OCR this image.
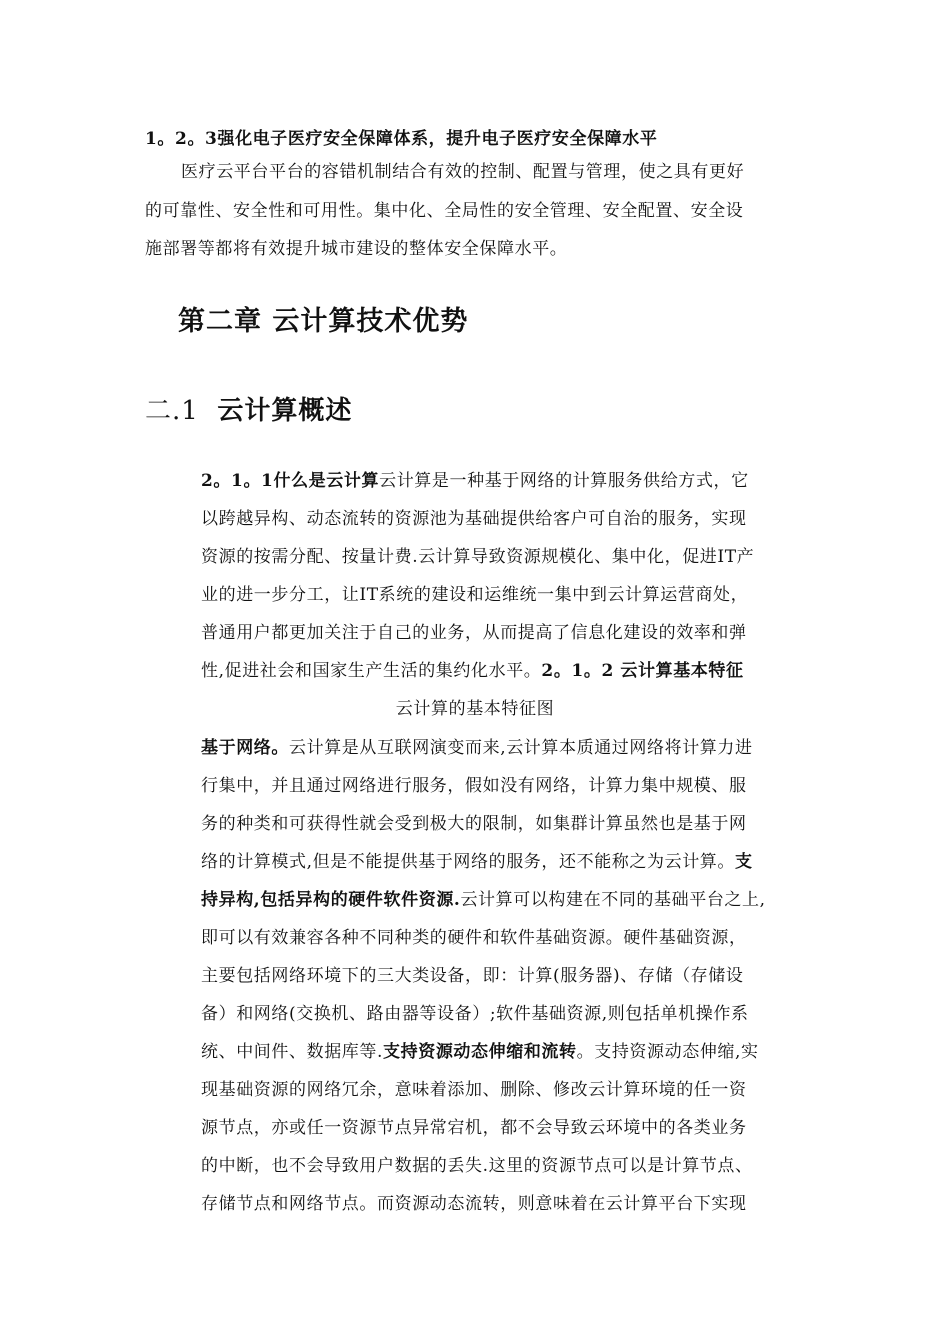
1。2。3强化电子医疗安全保障体系，提升电子医疗安全保障水平
医疗云平台平台的容错机制结合有效的控制、配置与管理，使之具有更好
的可靠性、安全性和可用性。集中化、全局性的安全管理、安全配置、安全设
施部署等都将有效提升城市建设的整体安全保障水平。
第二章 云计算技术优势
二.1 云计算概述
2。1。1什么是云计算云计算是一种基于网络的计算服务供给方式，它
以跨越异构、动态流转的资源池为基础提供给客户可自治的服务，实现
资源的按需分配、按量计费.云计算导致资源规模化、集中化，促进IT产
业的进一步分工，让IT系统的建设和运维统一集中到云计算运营商处，
普通用户都更加关注于自己的业务，从而提高了信息化建设的效率和弹
性,促进社会和国家生产生活的集约化水平。2。1。2 云计算基本特征
云计算的基本特征图
基于网络。云计算是从互联网演变而来,云计算本质通过网络将计算力进
行集中，并且通过网络进行服务，假如没有网络，计算力集中规模、服
务的种类和可获得性就会受到极大的限制，如集群计算虽然也是基于网
络的计算模式,但是不能提供基于网络的服务，还不能称之为云计算。支
持异构,包括异构的硬件软件资源.云计算可以构建在不同的基础平台之上,
即可以有效兼容各种不同种类的硬件和软件基础资源。硬件基础资源，
主要包括网络环境下的三大类设备，即：计算(服务器)、存储（存储设
备）和网络(交换机、路由器等设备）;软件基础资源,则包括单机操作系
统、中间件、数据库等.支持资源动态伸缩和流转。支持资源动态伸缩,实
现基础资源的网络冗余，意味着添加、删除、修改云计算环境的任一资
源节点，亦或任一资源节点异常宕机，都不会导致云环境中的各类业务
的中断，也不会导致用户数据的丢失.这里的资源节点可以是计算节点、
存储节点和网络节点。而资源动态流转，则意味着在云计算平台下实现
